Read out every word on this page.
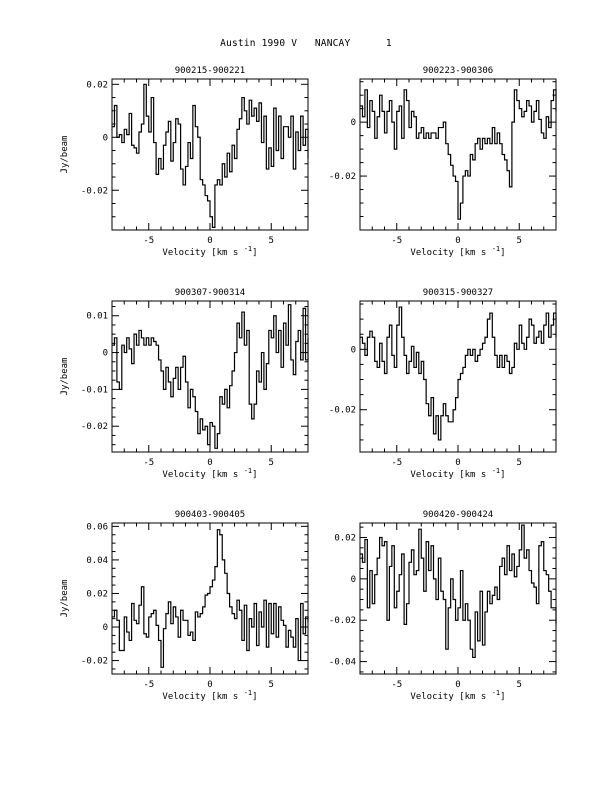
Austin 1990 V   NANCAY      1
-5	0	5
-0.02
0
0.02
900215-900221
Velocity [km s $^{-1}$]
Jy/beam
-5	0	5
-0.02
0
900223-900306
Velocity [km s $^{-1}$]
-5	0	5
-0.02
-0.01
0
0.01
900307-900314
Velocity [km s $^{-1}$]
Jy/beam
-5	0	5
-0.02
0
900315-900327
Velocity [km s $^{-1}$]
-5	0	5
-0.02
0
0.02
0.04
0.06
900403-900405
Velocity [km s $^{-1}$]
Jy/beam
-5	0	5
-0.04
-0.02
0
0.02
900420-900424
Velocity [km s $^{-1}$]
